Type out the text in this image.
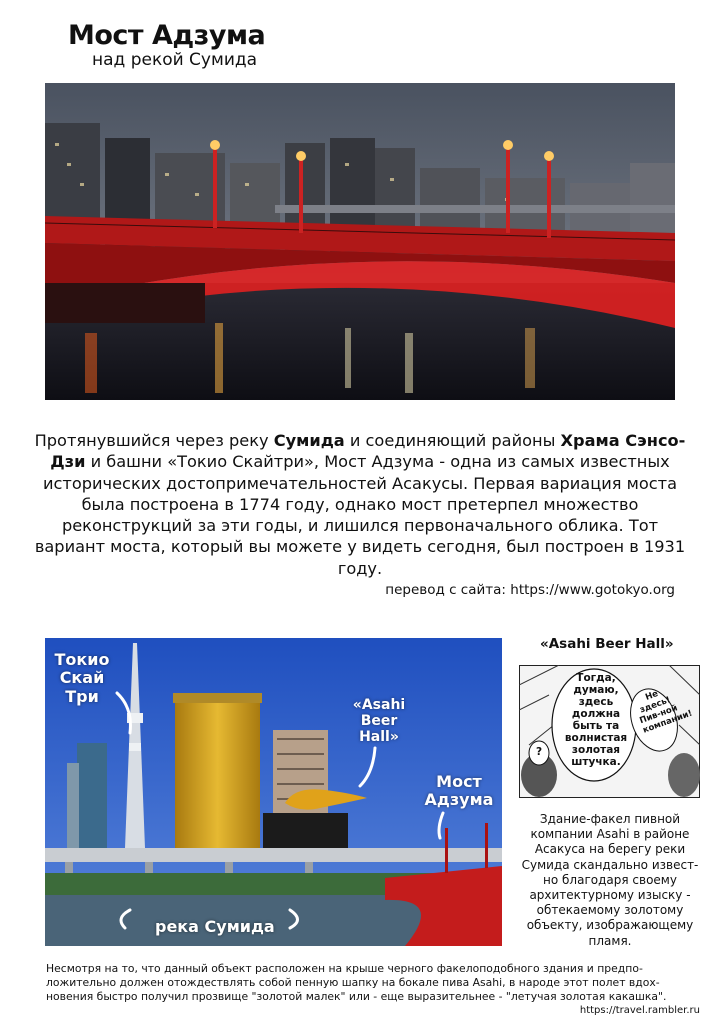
Мост Адзума
над рекой Сумида
Протянувшийся через реку Сумида и соединяющий районы Храма Сэнсо-Дзи и башни «Токио Скайтри», Мост Адзума - одна из самых известных исторических достопримечательностей Асакусы. Первая вариация моста была построена в 1774 году, однако мост претерпел множество реконструкций за эти годы, и лишился первоначального облика. Тот вариант моста, который вы можете у видеть сегодня, был построен в 1931 году.
перевод с сайта: https://www.gotokyo.org
Токио Скай Три	«Asahi Beer Hall»
Мост Адзума
река Сумида
«Asahi Beer Hall»
Тогда, думаю, здесь должна быть та волнистая золотая штучка.
Не здесь! Пив-ной компании!
?
Здание-факел пивной компании Asahi в районе Асакуса на берегу реки Сумида скандально извест-но благодаря своему архитектурному изыску - обтекаемому золотому объекту, изображающему пламя.
Несмотря на то, что данный объект расположен на крыше черного факелоподобного здания и предпо-ложительно должен отождествлять собой пенную шапку на бокале пива Asahi, в народе этот полет вдох-новения быстро получил прозвище "золотой малек" или - еще выразительнее - "летучая золотая какашка".
https://travel.rambler.ru
